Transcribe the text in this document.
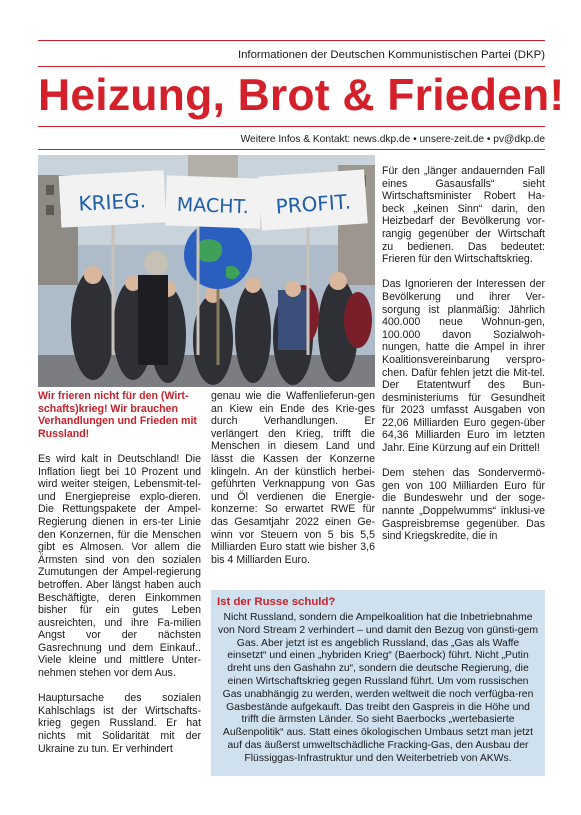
Informationen der Deutschen Kommunistischen Partei (DKP)
Heizung, Brot & Frieden!
Weitere Infos & Kontakt: news.dkp.de • unsere-zeit.de • pv@dkp.de
KRIEG. MACHT. PROFIT.
Foto: Bernd Vogl

Wir frieren nicht für den (Wirt-schafts)krieg! Wir brauchen Verhandlungen und Frieden mit Russland!

Es wird kalt in Deutschland! Die Inflation liegt bei 10 Prozent und wird weiter steigen, Lebensmit-tel- und Energiepreise explo-dieren. Die Rettungspakete der Ampel-Regierung dienen in ers-ter Linie den Konzernen, für die Menschen gibt es Almosen. Vor allem die Ärmsten sind von den sozialen Zumutungen der Ampel-regierung betroffen. Aber längst haben auch Beschäftigte, deren Einkommen bisher für ein gutes Leben ausreichten, und ihre Fa-milien Angst vor der nächsten Gasrechnung und dem Einkauf.. Viele kleine und mittlere Unter-nehmen stehen vor dem Aus.

Hauptursache des sozialen Kahlschlags ist der Wirtschafts-krieg gegen Russland. Er hat nichts mit Solidarität mit der Ukraine zu tun. Er verhindert

genau wie die Waffenlieferun-gen an Kiew ein Ende des Krie-ges durch Verhandlungen. Er verlängert den Krieg, trifft die Menschen in diesem Land und lässt die Kassen der Konzerne klingeln. An der künstlich herbei-geführten Verknappung von Gas und Öl verdienen die Energie-konzerne: So erwartet RWE für das Gesamtjahr 2022 einen Ge-winn vor Steuern von 5 bis 5,5 Milliarden Euro statt wie bisher 3,6 bis 4 Milliarden Euro.

Für den „länger andauernden Fall eines Gasausfalls“ sieht Wirtschaftsminister Robert Ha-beck „keinen Sinn“ darin, den Heizbedarf der Bevölkerung vor-rangig gegenüber der Wirtschaft zu bedienen. Das bedeutet: Frieren für den Wirtschaftskrieg.

Das Ignorieren der Interessen der Bevölkerung und ihrer Ver-sorgung ist planmäßig: Jährlich 400.000 neue Wohnun-gen, 100.000 davon Sozialwoh-nungen, hatte die Ampel in ihrer Koalitionsvereinbarung verspro-chen. Dafür fehlen jetzt die Mit-tel. Der Etatentwurf des Bun-desministeriums für Gesundheit für 2023 umfasst Ausgaben von 22,06 Milliarden Euro gegen-über 64,36 Milliarden Euro im letzten Jahr. Eine Kürzung auf ein Drittel!

Dem stehen das Sondervermö-gen von 100 Milliarden Euro für die Bundeswehr und der soge-nannte „Doppelwumms“ inklusi-ve Gaspreisbremse gegenüber. Das sind Kriegskredite, die in

Ist der Russe schuld?

Nicht Russland, sondern die Ampelkoalition hat die Inbetriebnahme von Nord Stream 2 verhindert – und damit den Bezug von günsti-gem Gas. Aber jetzt ist es angeblich Russland, das „Gas als Waffe einsetzt“ und einen „hybriden Krieg“ (Baerbock) führt. Nicht „Putin dreht uns den Gashahn zu“, sondern die deutsche Regierung, die einen Wirtschaftskrieg gegen Russland führt. Um vom russischen Gas unabhängig zu werden, werden weltweit die noch verfügba-ren Gasbestände aufgekauft. Das treibt den Gaspreis in die Höhe und trifft die ärmsten Länder. So sieht Baerbocks „wertebasierte Außenpolitik“ aus. Statt eines ökologischen Umbaus setzt man jetzt auf das äußerst umweltschädliche Fracking-Gas, den Ausbau der Flüssiggas-Infrastruktur und den Weiterbetrieb von AKWs.
